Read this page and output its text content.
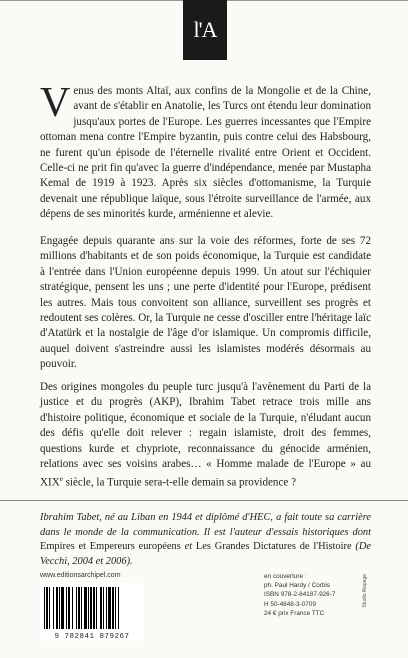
l'A

Venus des monts Altaï, aux confins de la Mongolie et de la Chine, avant de s'établir en Anatolie, les Turcs ont étendu leur domination jusqu'aux portes de l'Europe. Les guerres incessantes que l'Empire ottoman mena contre l'Empire byzantin, puis contre celui des Habsbourg, ne furent qu'un épisode de l'éternelle rivalité entre Orient et Occident. Celle-ci ne prit fin qu'avec la guerre d'indépendance, menée par Mustapha Kemal de 1919 à 1923. Après six siècles d'ottomanisme, la Turquie devenait une république laïque, sous l'étroite surveillance de l'armée, aux dépens de ses minorités kurde, arménienne et alevie.

Engagée depuis quarante ans sur la voie des réformes, forte de ses 72 millions d'habitants et de son poids économique, la Turquie est candidate à l'entrée dans l'Union européenne depuis 1999. Un atout sur l'échiquier stratégique, pensent les uns ; une perte d'identité pour l'Europe, prédisent les autres. Mais tous convoitent son alliance, surveillent ses progrès et redoutent ses colères. Or, la Turquie ne cesse d'osciller entre l'héritage laïc d'Atatürk et la nostalgie de l'âge d'or islamique. Un compromis difficile, auquel doivent s'astreindre aussi les islamistes modérés désormais au pouvoir.

Des origines mongoles du peuple turc jusqu'à l'avènement du Parti de la justice et du progrès (AKP), Ibrahim Tabet retrace trois mille ans d'histoire politique, économique et sociale de la Turquie, n'éludant aucun des défis qu'elle doit relever : regain islamiste, droit des femmes, questions kurde et chypriote, reconnaissance du génocide arménien, relations avec ses voisins arabes… « Homme malade de l'Europe » au XIXe siècle, la Turquie sera-t-elle demain sa providence ?

Ibrahim Tabet, né au Liban en 1944 et diplômé d'HEC, a fait toute sa carrière dans le monde de la communication. Il est l'auteur d'essais historiques dont Empires et Empereurs européens et Les Grandes Dictatures de l'Histoire (De Vecchi, 2004 et 2006).

www.editionsarchipel.com
9 782841 879267
en couverture :
ph. Paul Hardy / Corbis
ISBN 978-2-84187-926-7
H 50-4848-3-0709
24 € prix France TTC
Studio Alapage
